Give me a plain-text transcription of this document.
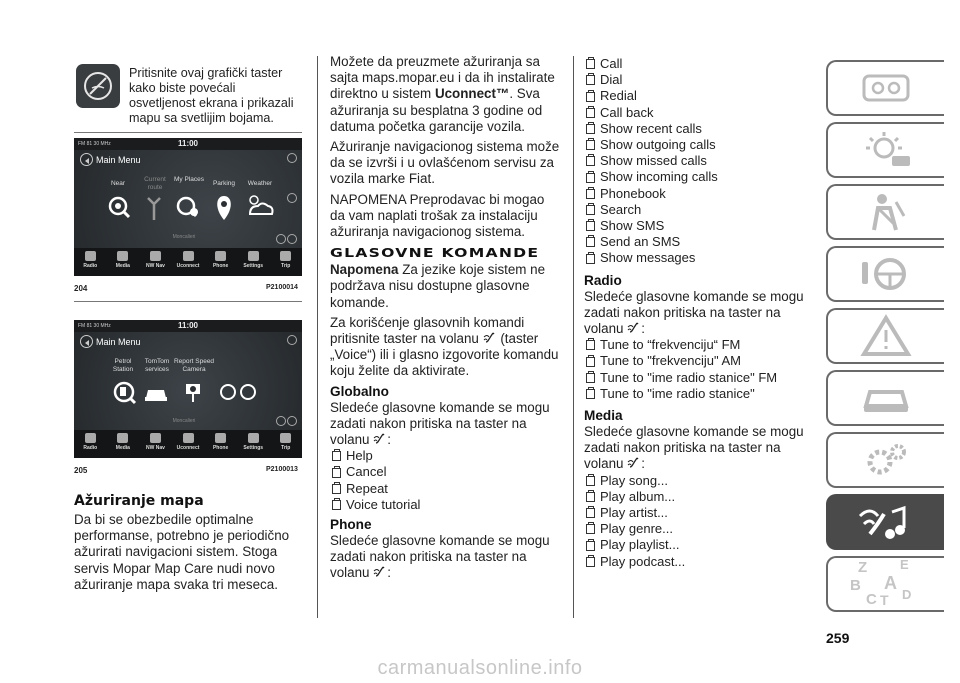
Pritisnite ovaj grafički taster kako biste povećali osvetljenost ekrana i prikazali mapu sa svetlijim bojama.
FM 81 30 MHz	11:00
Main Menu
Near
Current route
My Places
Parking	Weather
Moncalieri
Radio	Media	NW Nav	Uconnect	Phone	Settings	Trip
204	P2100014
FM 81 30 MHz	11:00
Main Menu
Petrol Station
TomTom services
Report Speed Camera
Moncalieri
Radio	Media	NW Nav	Uconnect	Phone	Settings	Trip
205	P2100013
Ažuriranje mapa
Da bi se obezbedile optimalne performanse, potrebno je periodično ažurirati navigacioni sistem. Stoga servis Mopar Map Care nudi novo ažuriranje mapa svaka tri meseca.

Možete da preuzmete ažuriranja sa sajta maps.mopar.eu i da ih instalirate direktno u sistem Uconnect™. Sva ažuriranja su besplatna 3 godine od datuma početka garancije vozila.

Ažuriranje navigacionog sistema može da se izvrši i u ovlašćenom servisu za vozila marke Fiat.

NAPOMENA Preprodavac bi mogao da vam naplati trošak za instalaciju ažuriranja navigacionog sistema.

GLASOVNE KOMANDE

Napomena Za jezike koje sistem ne podržava nisu dostupne glasovne komande.

Za korišćenje glasovnih komandi pritisnite taster na volanu  (taster „Voice“) ili i glasno izgovorite komandu koju želite da aktivirate.

Globalno

Sledeće glasovne komande se mogu zadati nakon pritiska na taster na volanu :

Help
Cancel
Repeat
Voice tutorial
Phone

Sledeće glasovne komande se mogu zadati nakon pritiska na taster na volanu :

Call
Dial
Redial
Call back
Show recent calls
Show outgoing calls
Show missed calls
Show incoming calls
Phonebook
Search
Show SMS
Send an SMS
Show messages
Radio

Sledeće glasovne komande se mogu zadati nakon pritiska na taster na volanu :

Tune to “frekvenciju“ FM
Tune to "frekvenciju" AM
Tune to "ime radio stanice" FM
Tune to "ime radio stanice"
Media

Sledeće glasovne komande se mogu zadati nakon pritiska na taster na volanu :

Play song...
Play album...
Play artist...
Play genre...
Play playlist...
Play podcast...	Z	E
B A
C T D
259
carmanualsonline.info
